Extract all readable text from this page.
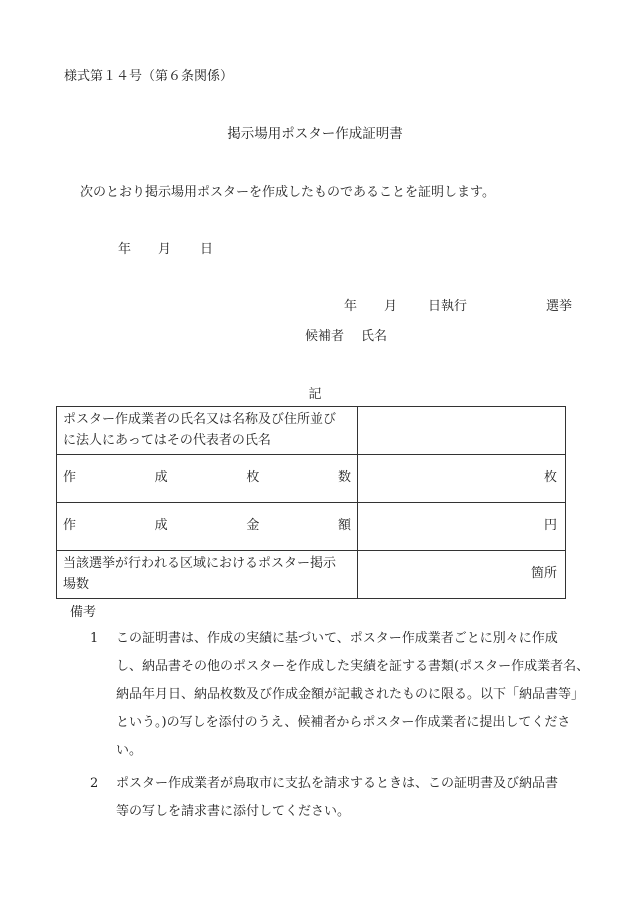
様式第１４号（第６条関係）
掲示場用ポスター作成証明書
次のとおり掲示場用ポスターを作成したものであることを証明します。
年 月 日
年 月 日執行	選挙
候補者 氏名
記
ポスター作成業者の氏名又は名称及び住所並び
に法人にあってはその代表者の氏名	

作 成 枚 数	枚

作 成 金 額	円
当該選挙が行われる区域におけるポスター掲示
場数	箇所
備考
1 この証明書は、作成の実績に基づいて、ポスター作成業者ごとに別々に作成
し、納品書その他のポスターを作成した実績を証する書類(ポスター作成業者名、
納品年月日、納品枚数及び作成金額が記載されたものに限る。以下「納品書等」
という。)の写しを添付のうえ、候補者からポスター作成業者に提出してくださ
い。
2 ポスター作成業者が鳥取市に支払を請求するときは、この証明書及び納品書
等の写しを請求書に添付してください。
